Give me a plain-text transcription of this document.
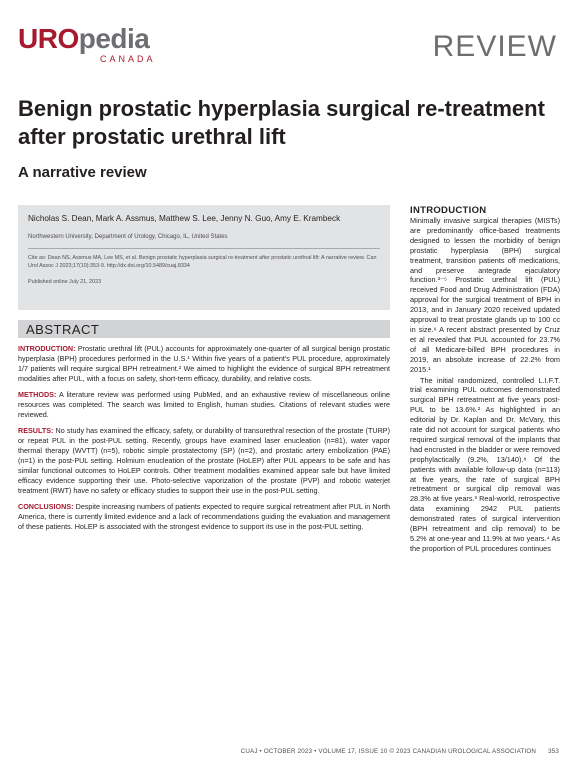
UROpedia
CANADA	REVIEW
Benign prostatic hyperplasia surgical re-treatment after prostatic urethral lift
A narrative review
Nicholas S. Dean, Mark A. Assmus, Matthew S. Lee, Jenny N. Guo, Amy E. Krambeck
Northwestern University, Department of Urology, Chicago, IL, United States
Cite as: Dean NS, Assmus MA, Lee MS, et al. Benign prostatic hyperplasia surgical re-treatment after prostatic urethral lift: A narrative review. Can Urol Assoc J 2023;17(10):353-9. http://dx.doi.org/10.5489/cuaj.8334
Published online July 21, 2023
ABSTRACT

INTRODUCTION: Prostatic urethral lift (PUL) accounts for approximately one-quarter of all surgical benign prostatic hyperplasia (BPH) procedures performed in the U.S.¹ Within five years of a patient's PUL procedure, approximately 1/7 patients will require surgical BPH retreatment.² We aimed to highlight the evidence of surgical BPH retreatment modalities after PUL, with a focus on safety, short-term efficacy, durability, and relative costs.

METHODS: A literature review was performed using PubMed, and an exhaustive review of miscellaneous online resources was completed. The search was limited to English, human studies. Citations of relevant studies were reviewed.

RESULTS: No study has examined the efficacy, safety, or durability of transurethral resection of the prostate (TURP) or repeat PUL in the post-PUL setting. Recently, groups have examined laser enucleation (n=81), water vapor thermal therapy (WVTT) (n=5), robotic simple prostatectomy (SP) (n=2), and prostatic artery embolization (PAE) (n=1) in the post-PUL setting. Holmium enucleation of the prostate (HoLEP) after PUL appears to be safe and has similar functional outcomes to HoLEP controls. Other treatment modalities examined appear safe but have limited efficacy evidence supporting their use. Photo-selective vaporization of the prostate (PVP) and robotic waterjet treatment (RWT) have no safety or efficacy studies to support their use in the post-PUL setting.

CONCLUSIONS: Despite increasing numbers of patients expected to require surgical retreatment after PUL in North America, there is currently limited evidence and a lack of recommendations guiding the evaluation and management of these patients. HoLEP is associated with the strongest evidence to support its use in the post-PUL setting.

INTRODUCTION

Minimally invasive surgical therapies (MISTs) are predominantly office-based treatments designed to lessen the morbidity of benign prostatic hyperplasia (BPH) surgical treatment, transition patients off medications, and preserve antegrade ejaculatory function.³⁻⁵ Prostatic urethral lift (PUL) received Food and Drug Administration (FDA) approval for the surgical treatment of BPH in 2013, and in January 2020 received updated approval to treat prostate glands up to 100 cc in size.⁶ A recent abstract presented by Cruz et al revealed that PUL accounted for 23.7% of all Medicare-billed BPH procedures in 2019, an absolute increase of 22.2% from 2015.¹

The initial randomized, controlled L.I.F.T. trial examining PUL outcomes demonstrated surgical BPH retreatment at five years post-PUL to be 13.6%.² As highlighted in an editorial by Dr. Kaplan and Dr. McVary, this rate did not account for surgical patients who required surgical removal of the implants that had encrusted in the bladder or were removed prophylactically (9.2%, 13/140).⁸ Of the patients with available follow-up data (n=113) at five years, the rate of surgical BPH retreatment or surgical clip removal was 28.3% at five years.³ Real-world, retrospective data examining 2942 PUL patients demonstrated rates of surgical intervention (BPH retreatment and clip removal) to be 5.2% at one-year and 11.9% at two years.⁴ As the proportion of PUL procedures continues

CUAJ • OCTOBER 2023 • VOLUME 17, ISSUE 10 © 2023 CANADIAN UROLOGICAL ASSOCIATION 353
